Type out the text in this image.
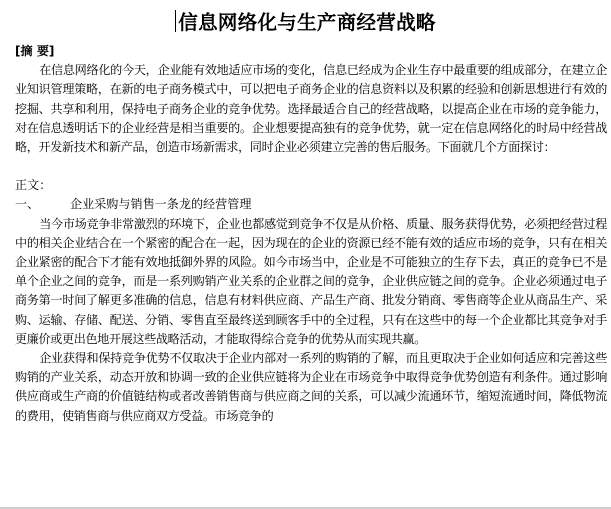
信息网络化与生产商经营战略
[摘 要]

在信息网络化的今天，企业能有效地适应市场的变化，信息已经成为企业生存中最重要的组成部分，在建立企业知识管理策略，在新的电子商务模式中，可以把电子商务企业的信息资料以及积累的经验和创新思想进行有效的挖掘、共享和利用，保持电子商务企业的竞争优势。选择最适合自己的经营战略，以提高企业在市场的竞争能力，对在信息透明话下的企业经营是相当重要的。企业想要提高独有的竞争优势，就一定在信息网络化的时局中经营战略，开发新技术和新产品，创造市场新需求，同时企业必须建立完善的售后服务。下面就几个方面探讨：

正文：
一、	企业采购与销售一条龙的经营管理

当今市场竞争非常激烈的环境下，企业也都感觉到竞争不仅是从价格、质量、服务获得优势，必须把经营过程中的相关企业结合在一个紧密的配合在一起，因为现在的企业的资源已经不能有效的适应市场的竞争，只有在相关企业紧密的配合下才能有效地抵御外界的风险。如今市场当中，企业是不可能独立的生存下去，真正的竞争已不是单个企业之间的竞争，而是一系列购销产业关系的企业群之间的竞争，企业供应链之间的竞争。企业必须通过电子商务第一时间了解更多准确的信息，信息有材料供应商、产品生产商、批发分销商、零售商等企业从商品生产、采购、运输、存储、配送、分销、零售直至最终送到顾客手中的全过程，只有在这些中的每一个企业都比其竞争对手更廉价或更出色地开展这些战略活动，才能取得综合竞争的优势从而实现共赢。

企业获得和保持竞争优势不仅取决于企业内部对一系列的购销的了解，而且更取决于企业如何适应和完善这些购销的产业关系，动态开放和协调一致的企业供应链将为企业在市场竞争中取得竞争优势创造有利条件。通过影响供应商或生产商的价值链结构或者改善销售商与供应商之间的关系，可以减少流通环节，缩短流通时间，降低物流的费用，使销售商与供应商双方受益。市场竞争的
